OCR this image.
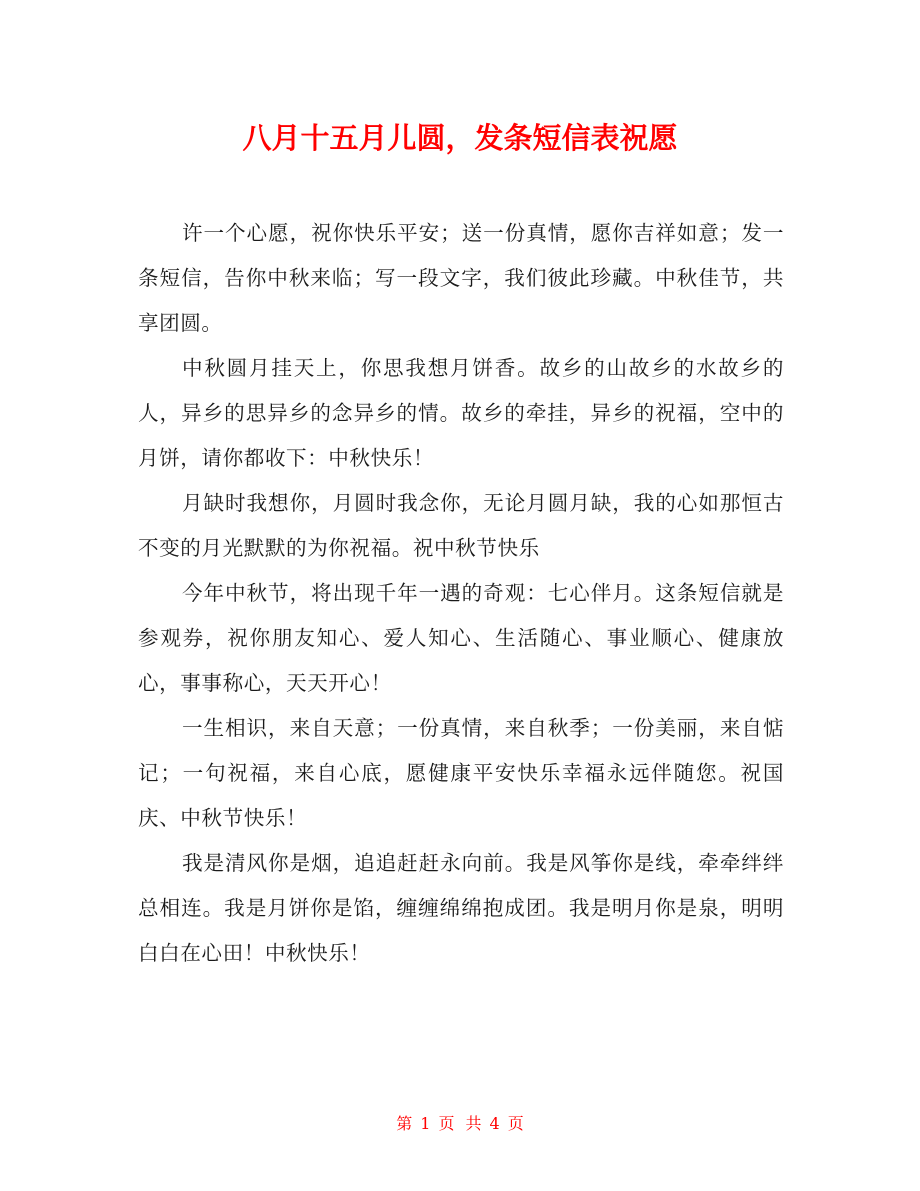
八月十五月儿圆，发条短信表祝愿

许一个心愿，祝你快乐平安；送一份真情，愿你吉祥如意；发一条短信，告你中秋来临；写一段文字，我们彼此珍藏。中秋佳节，共享团圆。

中秋圆月挂天上，你思我想月饼香。故乡的山故乡的水故乡的人，异乡的思异乡的念异乡的情。故乡的牵挂，异乡的祝福，空中的月饼，请你都收下：中秋快乐！

月缺时我想你，月圆时我念你，无论月圆月缺，我的心如那恒古不变的月光默默的为你祝福。祝中秋节快乐

今年中秋节，将出现千年一遇的奇观：七心伴月。这条短信就是参观券，祝你朋友知心、爱人知心、生活随心、事业顺心、健康放心，事事称心，天天开心！

一生相识，来自天意；一份真情，来自秋季；一份美丽，来自惦记；一句祝福，来自心底，愿健康平安快乐幸福永远伴随您。祝国庆、中秋节快乐！

我是清风你是烟，追追赶赶永向前。我是风筝你是线，牵牵绊绊总相连。我是月饼你是馅，缠缠绵绵抱成团。我是明月你是泉，明明白白在心田！中秋快乐！

第 1 页 共 4 页
